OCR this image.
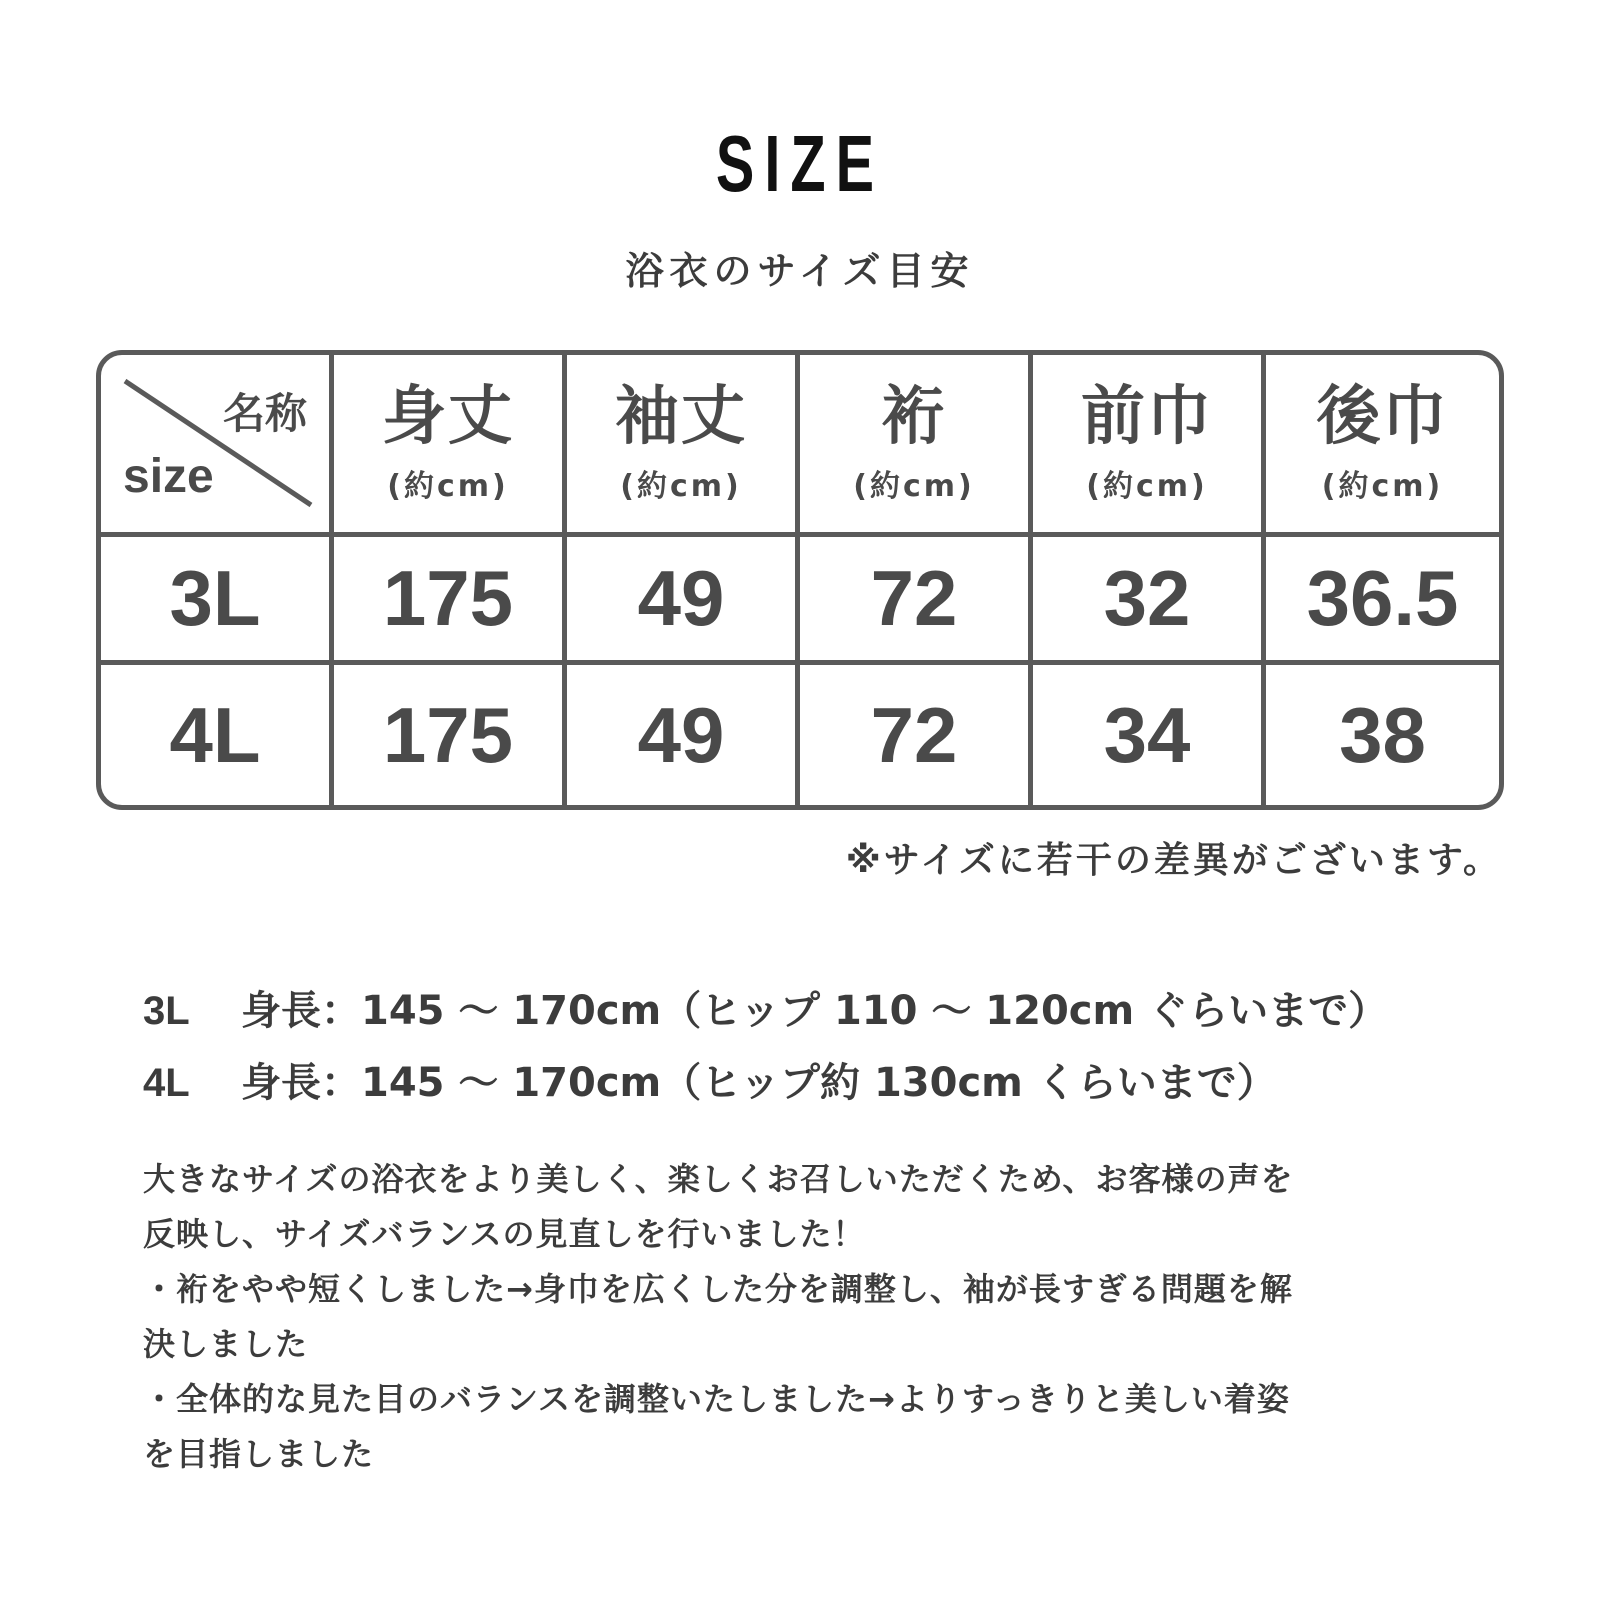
SIZE
浴衣のサイズ目安
名称
size
身丈
(約cm)
袖丈
(約cm)
裄
(約cm)
前巾
(約cm)
後巾
(約cm)
3L 175 49 72 32 36.5
4L 175 49 72 34 38
※サイズに若干の差異がございます。
3L 身長：145 〜 170cm（ヒップ 110 〜 120cm ぐらいまで）
4L 身長：145 〜 170cm（ヒップ約 130cm くらいまで）
大きなサイズの浴衣をより美しく、楽しくお召しいただくため、お客様の声を
反映し、サイズバランスの見直しを行いました！
・裄をやや短くしました→身巾を広くした分を調整し、袖が長すぎる問題を解
決しました
・全体的な見た目のバランスを調整いたしました→よりすっきりと美しい着姿
を目指しました
